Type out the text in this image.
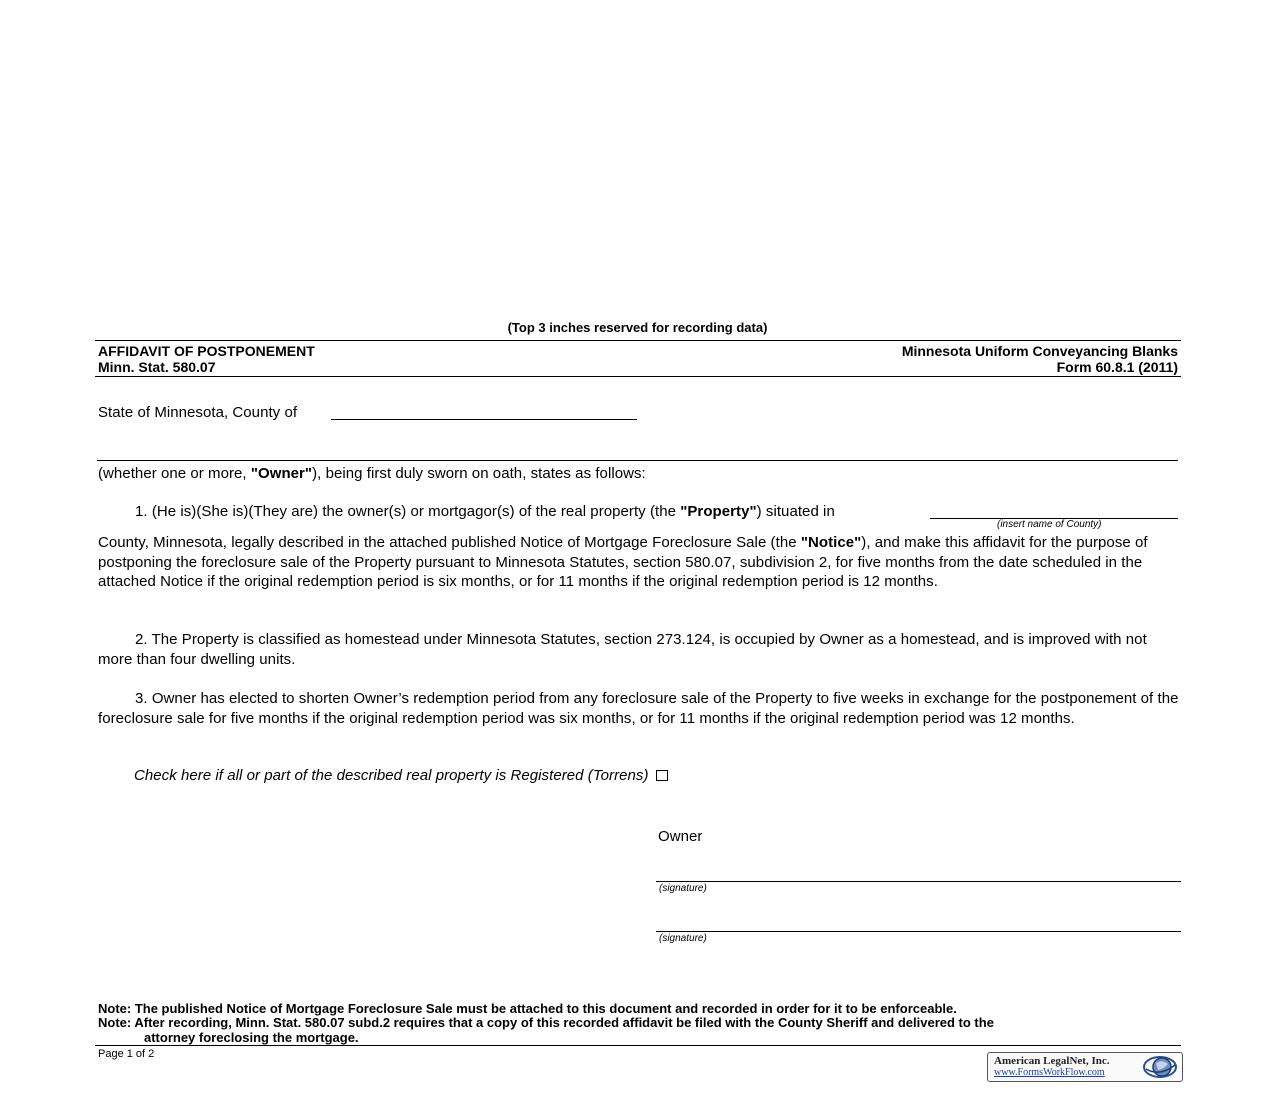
(Top 3 inches reserved for recording data)
AFFIDAVIT OF POSTPONEMENT
Minn. Stat. 580.07
Minnesota Uniform Conveyancing Blanks
Form 60.8.1 (2011)
State of Minnesota, County of
(whether one or more, "Owner"), being first duly sworn on oath, states as follows:
1. (He is)(She is)(They are) the owner(s) or mortgagor(s) of the real property (the "Property") situated in
(insert name of County)
County, Minnesota, legally described in the attached published Notice of Mortgage Foreclosure Sale (the "Notice"), and make this affidavit for the purpose of postponing the foreclosure sale of the Property pursuant to Minnesota Statutes, section 580.07, subdivision 2, for five months from the date scheduled in the attached Notice if the original redemption period is six months, or for 11 months if the original redemption period is 12 months.
2. The Property is classified as homestead under Minnesota Statutes, section 273.124, is occupied by Owner as a homestead, and is improved with not more than four dwelling units.
3. Owner has elected to shorten Owner’s redemption period from any foreclosure sale of the Property to five weeks in exchange for the postponement of the foreclosure sale for five months if the original redemption period was six months, or for 11 months if the original redemption period was 12 months.
Check here if all or part of the described real property is Registered (Torrens)
Owner
(signature)
(signature)
Note: The published Notice of Mortgage Foreclosure Sale must be attached to this document and recorded in order for it to be enforceable.
Note: After recording, Minn. Stat. 580.07 subd.2 requires that a copy of this recorded affidavit be filed with the County Sheriff and delivered to the
attorney foreclosing the mortgage.
Page 1 of 2
American LegalNet, Inc.
www.FormsWorkFlow.com
